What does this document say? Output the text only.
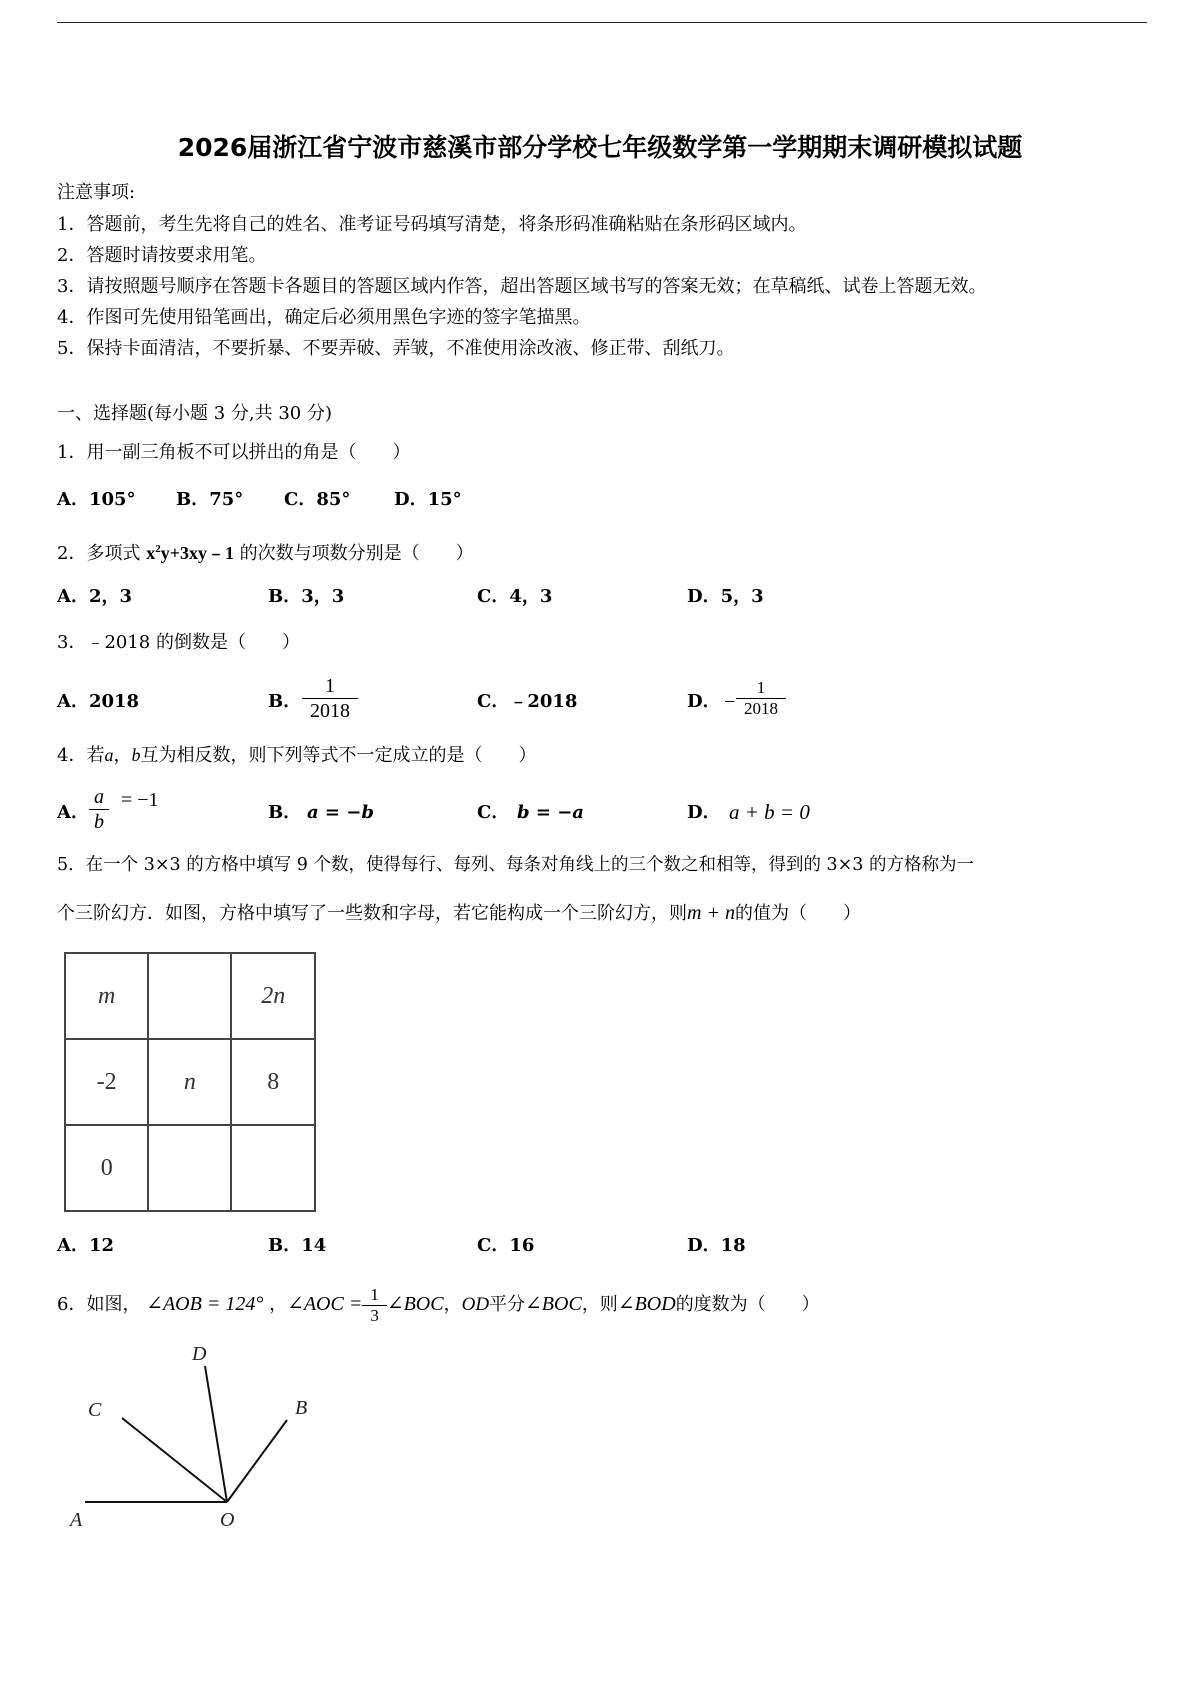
2026届浙江省宁波市慈溪市部分学校七年级数学第一学期期末调研模拟试题
注意事项:
1．答题前，考生先将自己的姓名、准考证号码填写清楚，将条形码准确粘贴在条形码区域内。
2．答题时请按要求用笔。
3．请按照题号顺序在答题卡各题目的答题区域内作答，超出答题区域书写的答案无效；在草稿纸、试卷上答题无效。
4．作图可先使用铅笔画出，确定后必须用黑色字迹的签字笔描黑。
5．保持卡面清洁，不要折暴、不要弄破、弄皱，不准使用涂改液、修正带、刮纸刀。
一、选择题(每小题 3 分,共 30 分)
1．用一副三角板不可以拼出的角是（　　）
A．105° B．75° C．85° D．15°
2．多项式 $x^2y+3xy﹣1$ 的次数与项数分别是（　　）
A．2，3	B．3，3	C．4，3	D．5，3
3．﹣2018 的倒数是（　　）
A．2018	B． $\frac{1}{2018}$	C．﹣2018	D． − $\frac{1}{2018}$
4．若a，b互为相反数，则下列等式不一定成立的是（　　）
A． $\frac{a}{b} = -1$
B． a = −b	C． b = −a	D． a + b = 0
5．在一个 3×3 的方格中填写 9 个数，使得每行、每列、每条对角线上的三个数之和相等，得到的 3×3 的方格称为一
个三阶幻方．如图，方格中填写了一些数和字母，若它能构成一个三阶幻方，则m + n的值为（　　）
m		2n
-2	n	8
0		
A．12	B．14	C．16	D．18
6．如图， ∠AOB = 124° ，∠AOC = $\frac{1}{3}$ ∠BOC，OD平分∠BOC，则∠BOD的度数为（　　）
A	O
B
C
D
